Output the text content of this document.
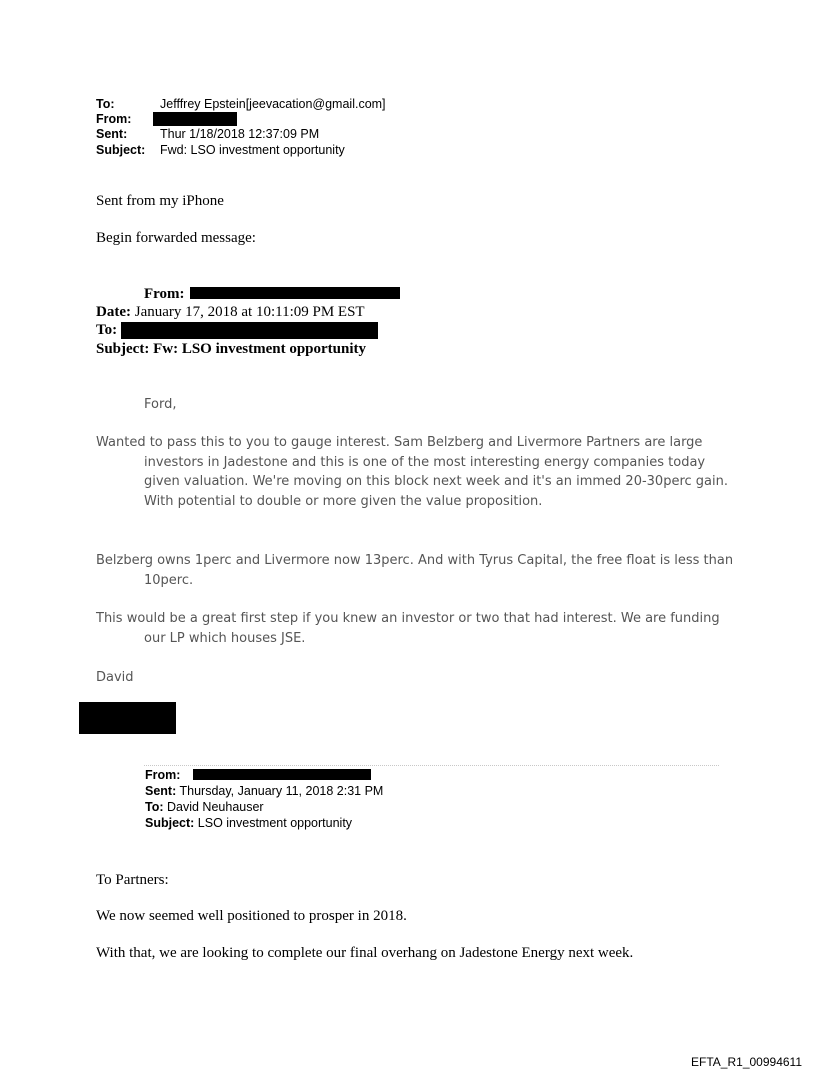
To:	Jefffrey Epstein[jeevacation@gmail.com]
From:
Sent:	Thur 1/18/2018 12:37:09 PM
Subject: Fwd: LSO investment opportunity
Sent from my iPhone
Begin forwarded message:
From:
Date: January 17, 2018 at 10:11:09 PM EST
To:
Subject: Fw: LSO investment opportunity
Ford,
Wanted to pass this to you to gauge interest. Sam Belzberg and Livermore Partners are large investors in Jadestone and this is one of the most interesting energy companies today given valuation. We're moving on this block next week and it's an immed 20-30perc gain. With potential to double or more given the value proposition.
Belzberg owns 1perc and Livermore now 13perc. And with Tyrus Capital, the free float is less than 10perc.
This would be a great first step if you knew an investor or two that had interest. We are funding our LP which houses JSE.
David
From:
Sent: Thursday, January 11, 2018 2:31 PM
To: David Neuhauser
Subject: LSO investment opportunity
To Partners:
We now seemed well positioned to prosper in 2018.
With that, we are looking to complete our final overhang on Jadestone Energy next week.
EFTA_R1_00994611
